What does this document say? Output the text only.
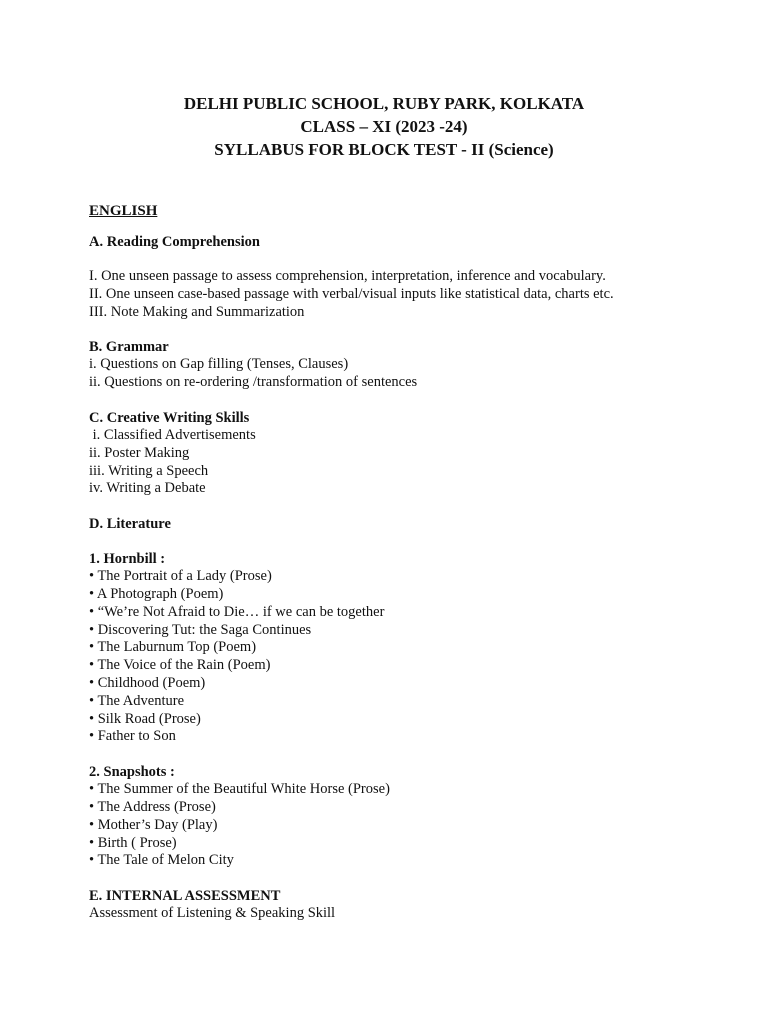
DELHI PUBLIC SCHOOL, RUBY PARK, KOLKATA
CLASS – XI (2023 -24)
SYLLABUS FOR BLOCK TEST - II (Science)
ENGLISH
A. Reading Comprehension
I. One unseen passage to assess comprehension, interpretation, inference and vocabulary.
II. One unseen case-based passage with verbal/visual inputs like statistical data, charts etc.
III. Note Making and Summarization
B. Grammar
i. Questions on Gap filling (Tenses, Clauses)
ii. Questions on re-ordering /transformation of sentences
C. Creative Writing Skills
i. Classified Advertisements
ii. Poster Making
iii. Writing a Speech
iv. Writing a Debate
D. Literature
1. Hornbill :
• The Portrait of a Lady (Prose)
• A Photograph (Poem)
• “We’re Not Afraid to Die… if we can be together
• Discovering Tut: the Saga Continues
• The Laburnum Top (Poem)
• The Voice of the Rain (Poem)
• Childhood (Poem)
• The Adventure
• Silk Road (Prose)
• Father to Son
2. Snapshots :
• The Summer of the Beautiful White Horse (Prose)
• The Address (Prose)
• Mother’s Day (Play)
• Birth ( Prose)
• The Tale of Melon City
E. INTERNAL ASSESSMENT
Assessment of Listening & Speaking Skill
